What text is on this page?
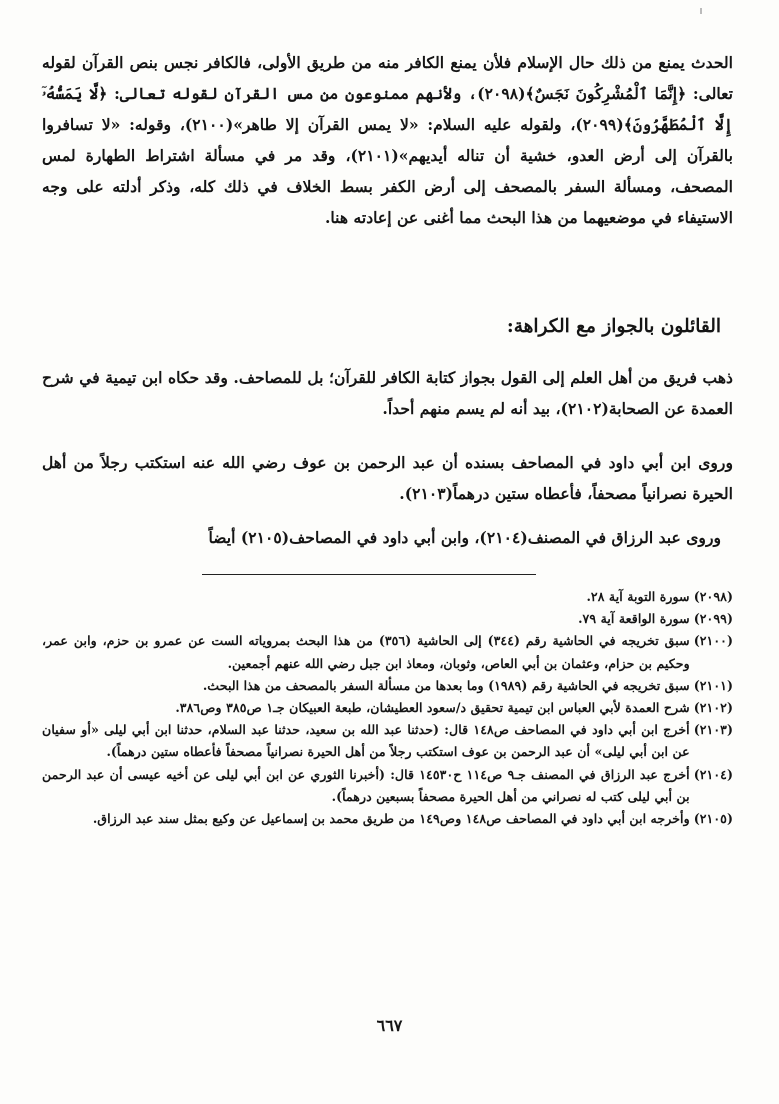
الحدث يمنع من ذلك حال الإسلام فلأن يمنع الكافر منه من طريق الأولى، فالكافر نجس بنص القرآن لقوله تعالى: ﴿إِنَّمَا ٱلْمُشْرِكُونَ نَجَسٌ﴾(٢٠٩٨)، ولأنهم ممنوعون من مس القرآن لقوله تعالى: ﴿لَّا يَمَسُّهُۥٓ إِلَّا ٱلْمُطَهَّرُونَ﴾(٢٠٩٩)، ولقوله عليه السلام: «لا يمس القرآن إلا طاهر»(٢١٠٠)، وقوله: «لا تسافروا بالقرآن إلى أرض العدو، خشية أن تناله أيديهم»(٢١٠١)، وقد مر في مسألة اشتراط الطهارة لمس المصحف، ومسألة السفر بالمصحف إلى أرض الكفر بسط الخلاف في ذلك كله، وذكر أدلته على وجه الاستيفاء في موضعيهما من هذا البحث مما أغنى عن إعادته هنا.
القائلون بالجواز مع الكراهة:
ذهب فريق من أهل العلم إلى القول بجواز كتابة الكافر للقرآن؛ بل للمصاحف. وقد حكاه ابن تيمية في شرح العمدة عن الصحابة(٢١٠٢)، بيد أنه لم يسم منهم أحداً.
وروى ابن أبي داود في المصاحف بسنده أن عبد الرحمن بن عوف رضي الله عنه استكتب رجلاً من أهل الحيرة نصرانياً مصحفاً، فأعطاه ستين درهماً(٢١٠٣).
وروى عبد الرزاق في المصنف(٢١٠٤)، وابن أبي داود في المصاحف(٢١٠٥) أيضاً
(٢٠٩٨)
سورة التوبة آية ٢٨.
(٢٠٩٩)
سورة الواقعة آية ٧٩.
(٢١٠٠)
سبق تخريجه في الحاشية رقم (٣٤٤) إلى الحاشية (٣٥٦) من هذا البحث بمروياته الست عن عمرو بن حزم، وابن عمر، وحكيم بن حزام، وعثمان بن أبي العاص، وثوبان، ومعاذ ابن جبل رضي الله عنهم أجمعين.
(٢١٠١)
سبق تخريجه في الحاشية رقم (١٩٨٩) وما بعدها من مسألة السفر بالمصحف من هذا البحث.
(٢١٠٢)
شرح العمدة لأبي العباس ابن تيمية تحقيق د/سعود العطيشان، طبعة العبيكان جـ١ ص٣٨٥ وص٣٨٦.
(٢١٠٣)
أخرج ابن أبي داود في المصاحف ص١٤٨ قال: (حدثنا عبد الله بن سعيد، حدثنا عبد السلام، حدثنا ابن أبي ليلى «أو سفيان عن ابن أبي ليلى» أن عبد الرحمن بن عوف استكتب رجلاً من أهل الحيرة نصرانياً مصحفاً فأعطاه ستين درهماً).
(٢١٠٤)
أخرج عبد الرزاق في المصنف جـ٩ ص١١٤ ح١٤٥٣٠ قال: (أخبرنا الثوري عن ابن أبي ليلى عن أخيه عيسى أن عبد الرحمن بن أبي ليلى كتب له نصراني من أهل الحيرة مصحفاً بسبعين درهماً).
(٢١٠٥)
وأخرجه ابن أبي داود في المصاحف ص١٤٨ وص١٤٩ من طريق محمد بن إسماعيل عن وكيع بمثل سند عبد الرزاق.
٦٦٧
